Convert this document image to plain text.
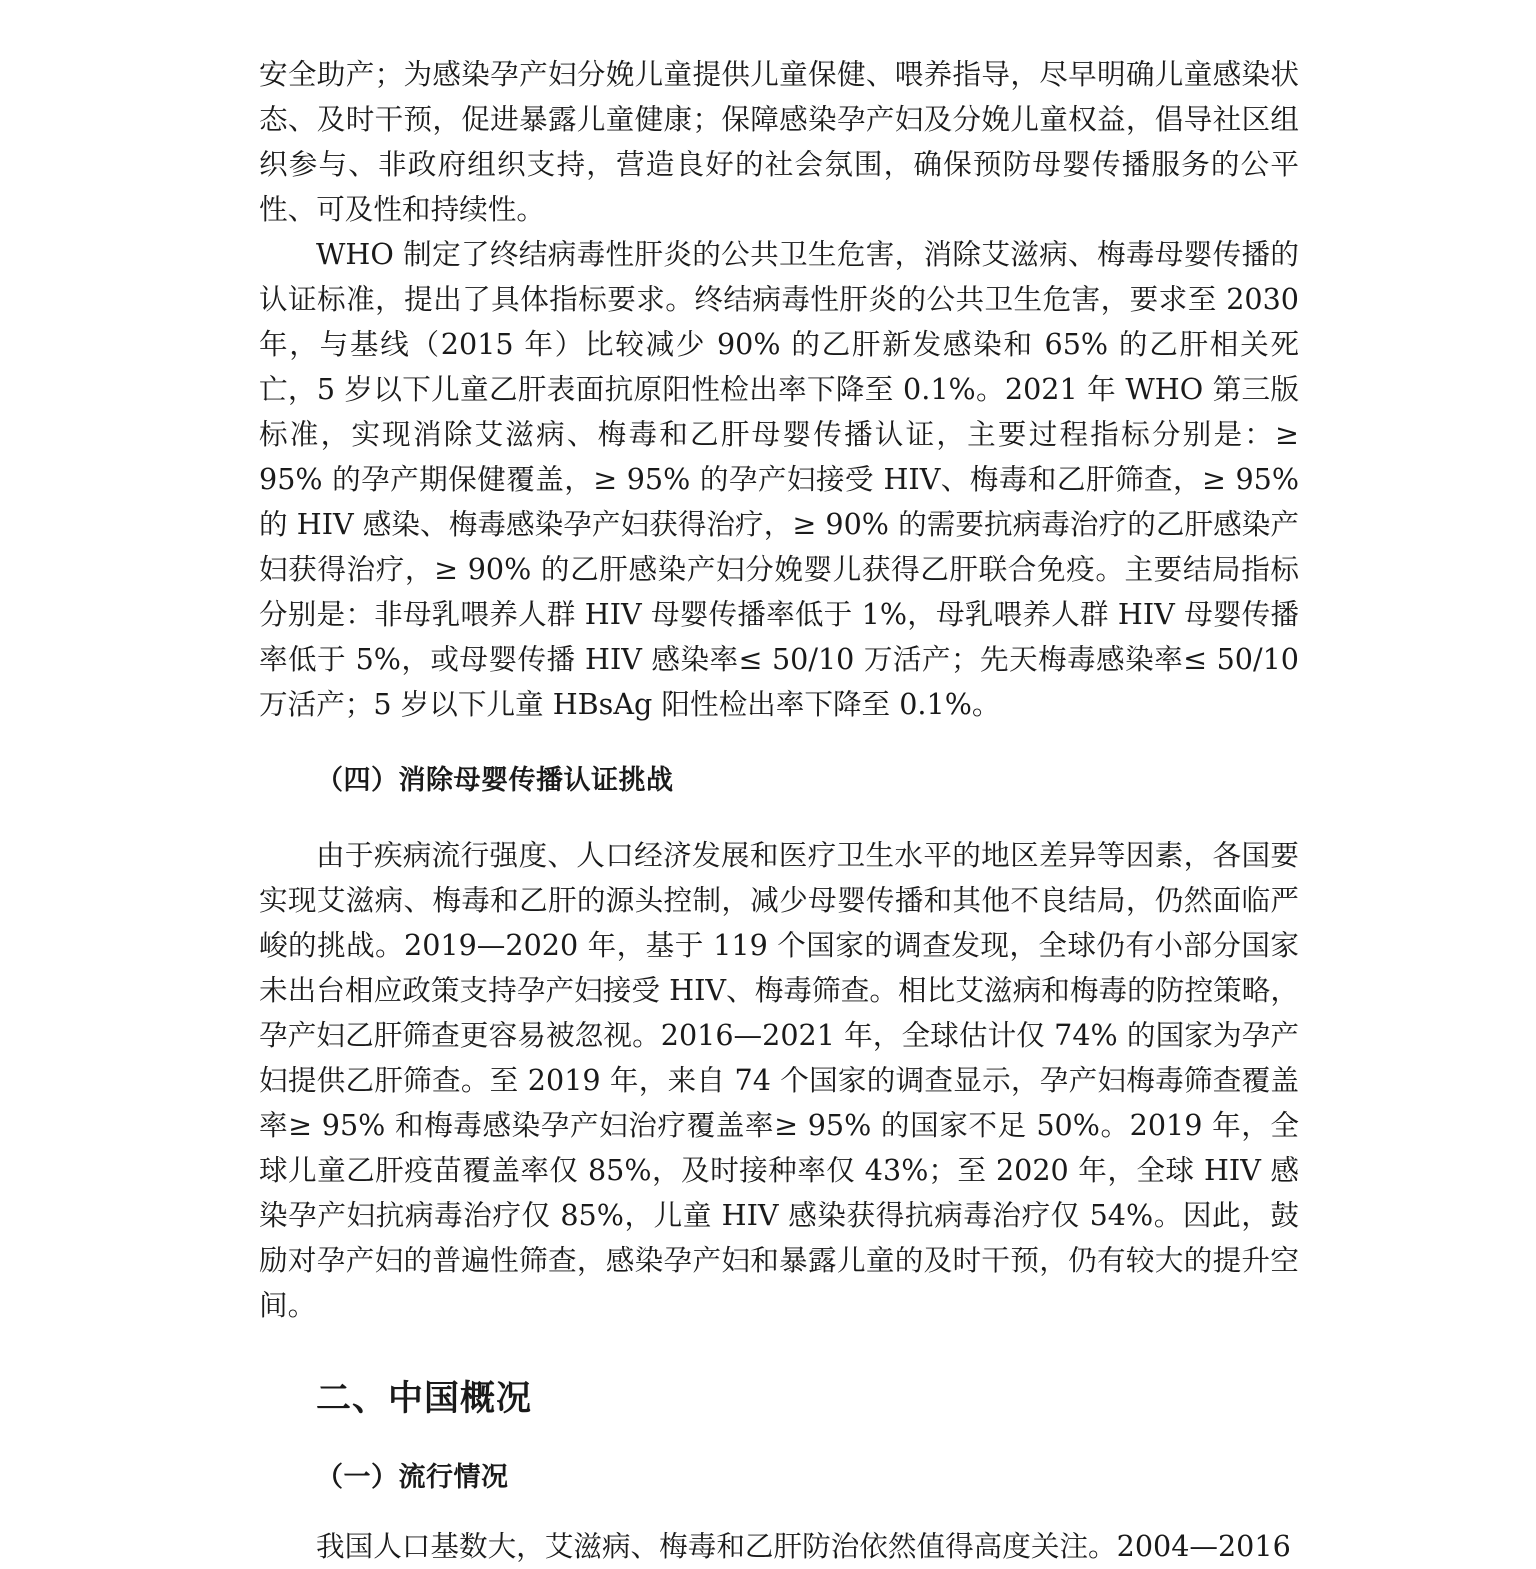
安全助产；为感染孕产妇分娩儿童提供儿童保健、喂养指导，尽早明确儿童感染状态、及时干预，促进暴露儿童健康；保障感染孕产妇及分娩儿童权益，倡导社区组织参与、非政府组织支持，营造良好的社会氛围，确保预防母婴传播服务的公平性、可及性和持续性。

WHO 制定了终结病毒性肝炎的公共卫生危害，消除艾滋病、梅毒母婴传播的认证标准，提出了具体指标要求。终结病毒性肝炎的公共卫生危害，要求至 2030 年，与基线（2015 年）比较减少 90% 的乙肝新发感染和 65% 的乙肝相关死亡，5 岁以下儿童乙肝表面抗原阳性检出率下降至 0.1%。2021 年 WHO 第三版标准，实现消除艾滋病、梅毒和乙肝母婴传播认证，主要过程指标分别是：≥ 95% 的孕产期保健覆盖，≥ 95% 的孕产妇接受 HIV、梅毒和乙肝筛查，≥ 95% 的 HIV 感染、梅毒感染孕产妇获得治疗，≥ 90% 的需要抗病毒治疗的乙肝感染产妇获得治疗，≥ 90% 的乙肝感染产妇分娩婴儿获得乙肝联合免疫。主要结局指标分别是：非母乳喂养人群 HIV 母婴传播率低于 1%，母乳喂养人群 HIV 母婴传播率低于 5%，或母婴传播 HIV 感染率≤ 50/10 万活产；先天梅毒感染率≤ 50/10 万活产；5 岁以下儿童 HBsAg 阳性检出率下降至 0.1%。

（四）消除母婴传播认证挑战

由于疾病流行强度、人口经济发展和医疗卫生水平的地区差异等因素，各国要实现艾滋病、梅毒和乙肝的源头控制，减少母婴传播和其他不良结局，仍然面临严峻的挑战。2019—2020 年，基于 119 个国家的调查发现，全球仍有小部分国家未出台相应政策支持孕产妇接受 HIV、梅毒筛查。相比艾滋病和梅毒的防控策略，孕产妇乙肝筛查更容易被忽视。2016—2021 年，全球估计仅 74% 的国家为孕产妇提供乙肝筛查。至 2019 年，来自 74 个国家的调查显示，孕产妇梅毒筛查覆盖率≥ 95% 和梅毒感染孕产妇治疗覆盖率≥ 95% 的国家不足 50%。2019 年，全球儿童乙肝疫苗覆盖率仅 85%，及时接种率仅 43%；至 2020 年，全球 HIV 感染孕产妇抗病毒治疗仅 85%，儿童 HIV 感染获得抗病毒治疗仅 54%。因此，鼓励对孕产妇的普遍性筛查，感染孕产妇和暴露儿童的及时干预，仍有较大的提升空间。

二、中国概况
（一）流行情况

我国人口基数大，艾滋病、梅毒和乙肝防治依然值得高度关注。2004—2016
